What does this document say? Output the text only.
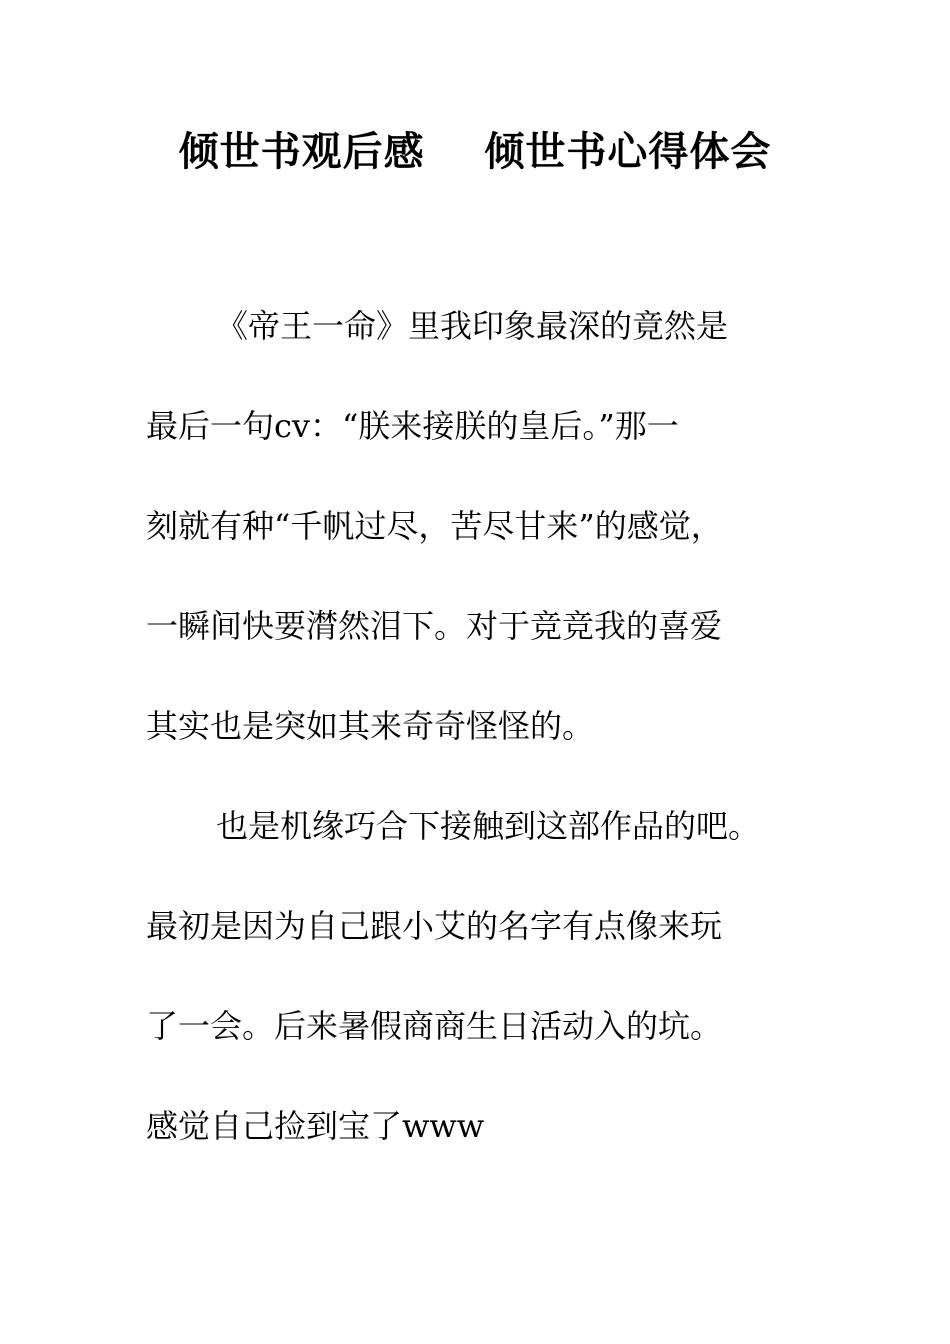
倾世书观后感    倾世书心得体会
《帝王一命》里我印象最深的竟然是
最后一句cv：“朕来接朕的皇后。”那一
刻就有种“千帆过尽，苦尽甘来”的感觉，
一瞬间快要潸然泪下。对于竞竞我的喜爱
其实也是突如其来奇奇怪怪的。
也是机缘巧合下接触到这部作品的吧。
最初是因为自己跟小艾的名字有点像来玩
了一会。后来暑假商商生日活动入的坑。
感觉自己捡到宝了www
